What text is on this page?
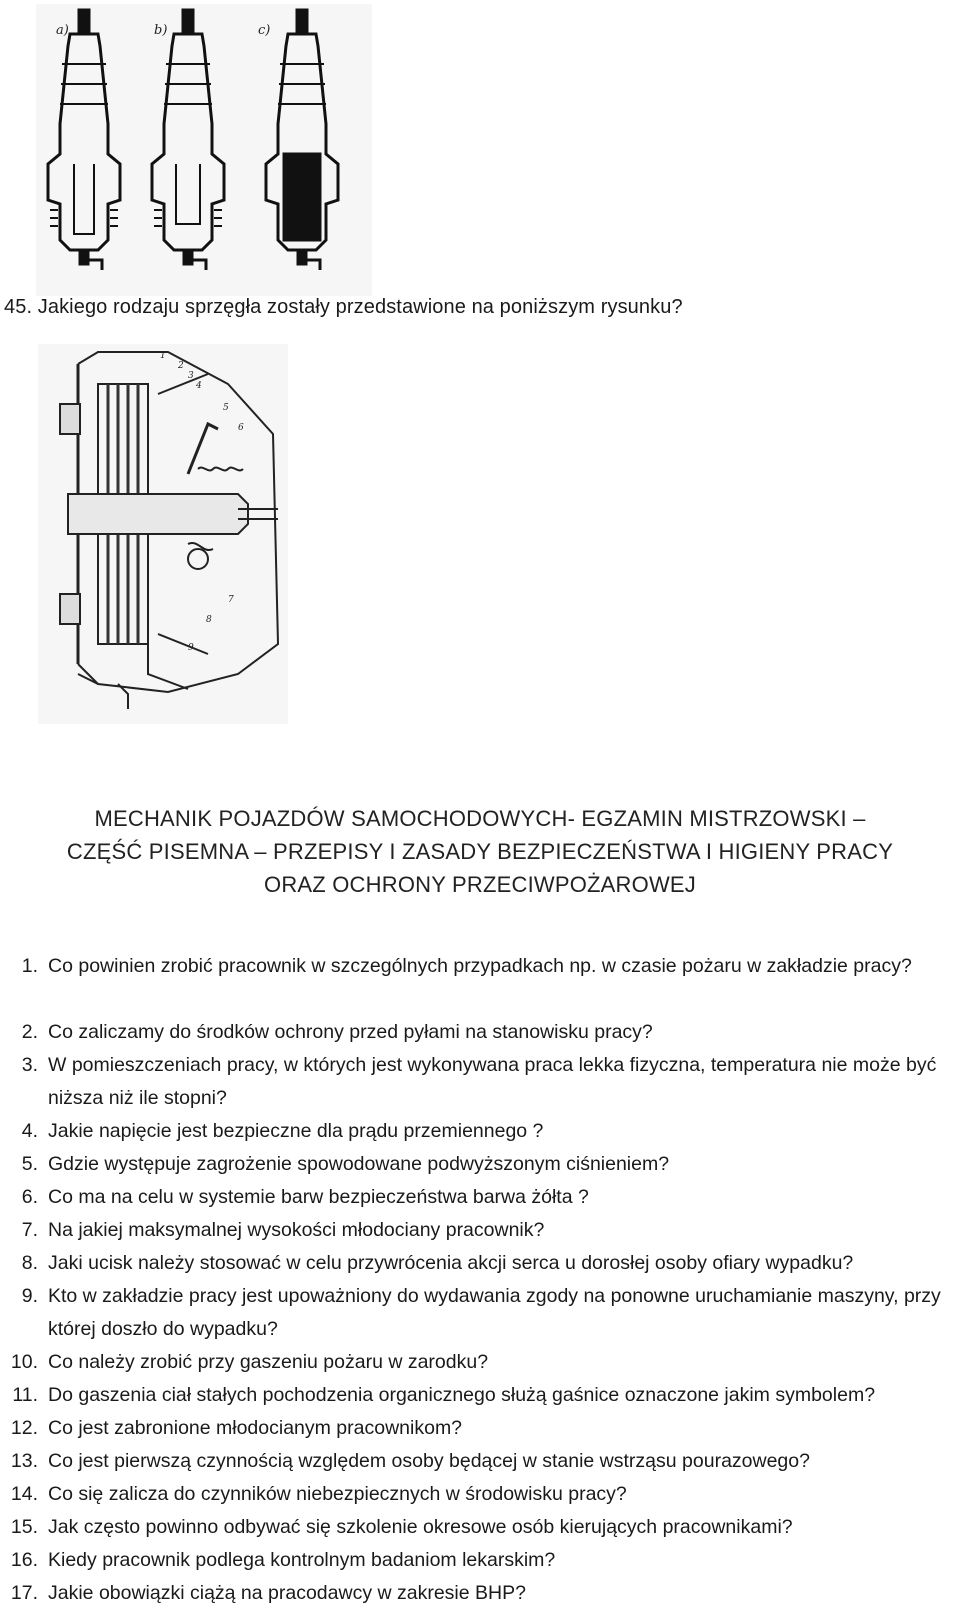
a)	b)	c)
45. Jakiego rodzaju sprzęgła zostały przedstawione na poniższym rysunku?
1
2
3
4
5
6
7
8
9
MECHANIK POJAZDÓW SAMOCHODOWYCH- EGZAMIN MISTRZOWSKI –
CZĘŚĆ PISEMNA – PRZEPISY I ZASADY BEZPIECZEŃSTWA I HIGIENY PRACY
ORAZ OCHRONY PRZECIWPOŻAROWEJ
1. Co powinien zrobić pracownik w szczególnych przypadkach np. w czasie pożaru w zakładzie pracy?
2. Co zaliczamy do środków ochrony przed pyłami na stanowisku pracy?
3. W pomieszczeniach pracy, w których jest wykonywana praca lekka fizyczna, temperatura nie może być niższa niż ile stopni?
4. Jakie napięcie jest bezpieczne dla prądu przemiennego ?
5. Gdzie występuje zagrożenie spowodowane podwyższonym ciśnieniem?
6. Co ma na celu w systemie barw bezpieczeństwa barwa żółta ?
7. Na jakiej maksymalnej wysokości młodociany pracownik?
8. Jaki ucisk należy stosować w celu przywrócenia akcji serca u dorosłej osoby ofiary wypadku?
9. Kto w zakładzie pracy jest upoważniony do wydawania zgody na ponowne uruchamianie maszyny, przy której doszło do wypadku?
10. Co należy zrobić przy gaszeniu pożaru w zarodku?
11. Do gaszenia ciał stałych pochodzenia organicznego służą gaśnice oznaczone jakim symbolem?
12. Co jest zabronione młodocianym pracownikom?
13. Co jest pierwszą czynnością względem osoby będącej w stanie wstrząsu pourazowego?
14. Co się zalicza do czynników niebezpiecznych w środowisku pracy?
15. Jak często powinno odbywać się szkolenie okresowe osób kierujących pracownikami?
16. Kiedy pracownik podlega kontrolnym badaniom lekarskim?
17. Jakie obowiązki ciążą na pracodawcy w zakresie BHP?
